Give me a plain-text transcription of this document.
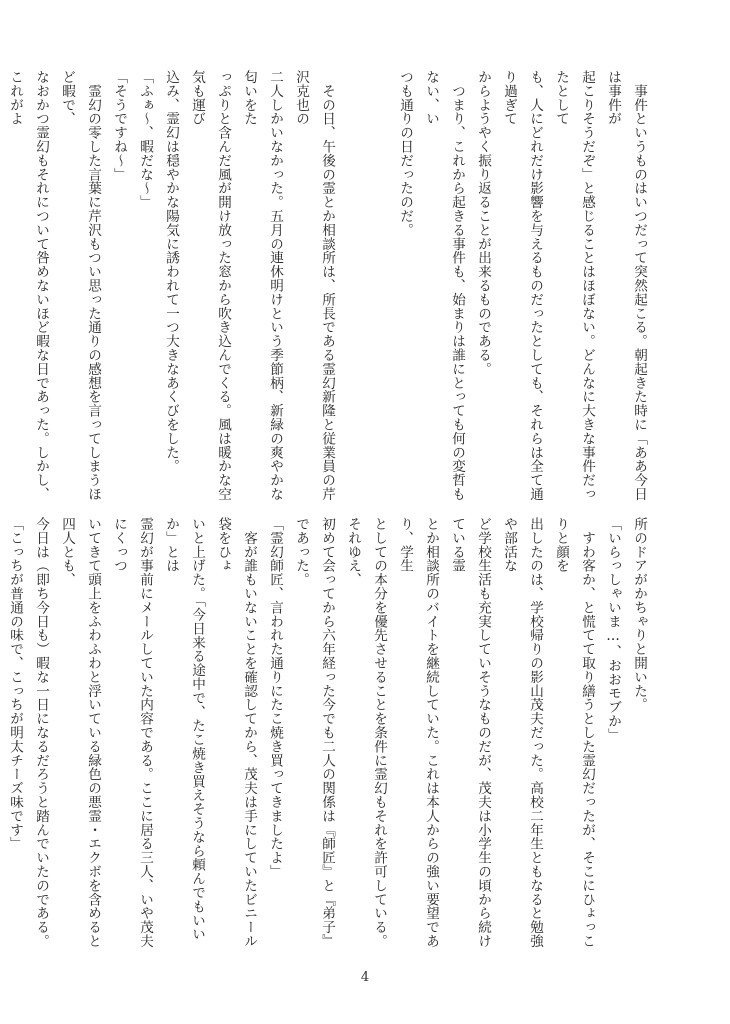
　事件というものはいつだって突然起こる。朝起きた時に「ああ今日は事件が
起こりそうだぞ」と感じることはほぼない。どんなに大きな事件だったとして
も、人にどれだけ影響を与えるものだったとしても、それらは全て通り過ぎて
からようやく振り返ることが出来るものである。
　つまり、これから起きる事件も、始まりは誰にとっても何の変哲もない、い
つも通りの日だったのだ。

　その日、午後の霊とか相談所は、所長である霊幻新隆と従業員の芹沢克也の
二人しかいなかった。五月の連休明けという季節柄、新緑の爽やかな匂いをた
っぷりと含んだ風が開け放った窓から吹き込んでくる。風は暖かな空気も運び
込み、霊幻は穏やかな陽気に誘われて一つ大きなあくびをした。
「ふぁ〜、暇だな〜」
「そうですね〜」
　霊幻の零した言葉に芹沢もつい思った通りの感想を言ってしまうほど暇で、
なおかつ霊幻もそれについて咎めないほど暇な日であった。しかし、これがよ
所のドアがかちゃりと開いた。
「いらっしゃいま…、おおモブか」
　すわ客か、と慌てて取り繕うとした霊幻だったが、そこにひょっこりと顔を
出したのは、学校帰りの影山茂夫だった。高校二年生ともなると勉強や部活な
ど学校生活も充実していそうなものだが、茂夫は小学生の頃から続けている霊
とか相談所のバイトを継続していた。これは本人からの強い要望であり、学生
としての本分を優先させることを条件に霊幻もそれを許可している。それゆえ、
初めて会ってから六年経った今でも二人の関係は『師匠』と『弟子』であった。
「霊幻師匠、言われた通りにたこ焼き買ってきましたよ」
　客が誰もいないことを確認してから、茂夫は手にしていたビニール袋をひょ
いと上げた。「今日来る途中で、たこ焼き買えそうなら頼んでもいいか」とは
霊幻が事前にメールしていた内容である。ここに居る三人、いや茂夫にくっつ
いてきて頭上をふわふわと浮いている緑色の悪霊・エクボを含めると四人とも、
今日は（即ち今日も）暇な一日になるだろうと踏んでいたのである。
「こっちが普通の味で、こっちが明太チーズ味です」
4
